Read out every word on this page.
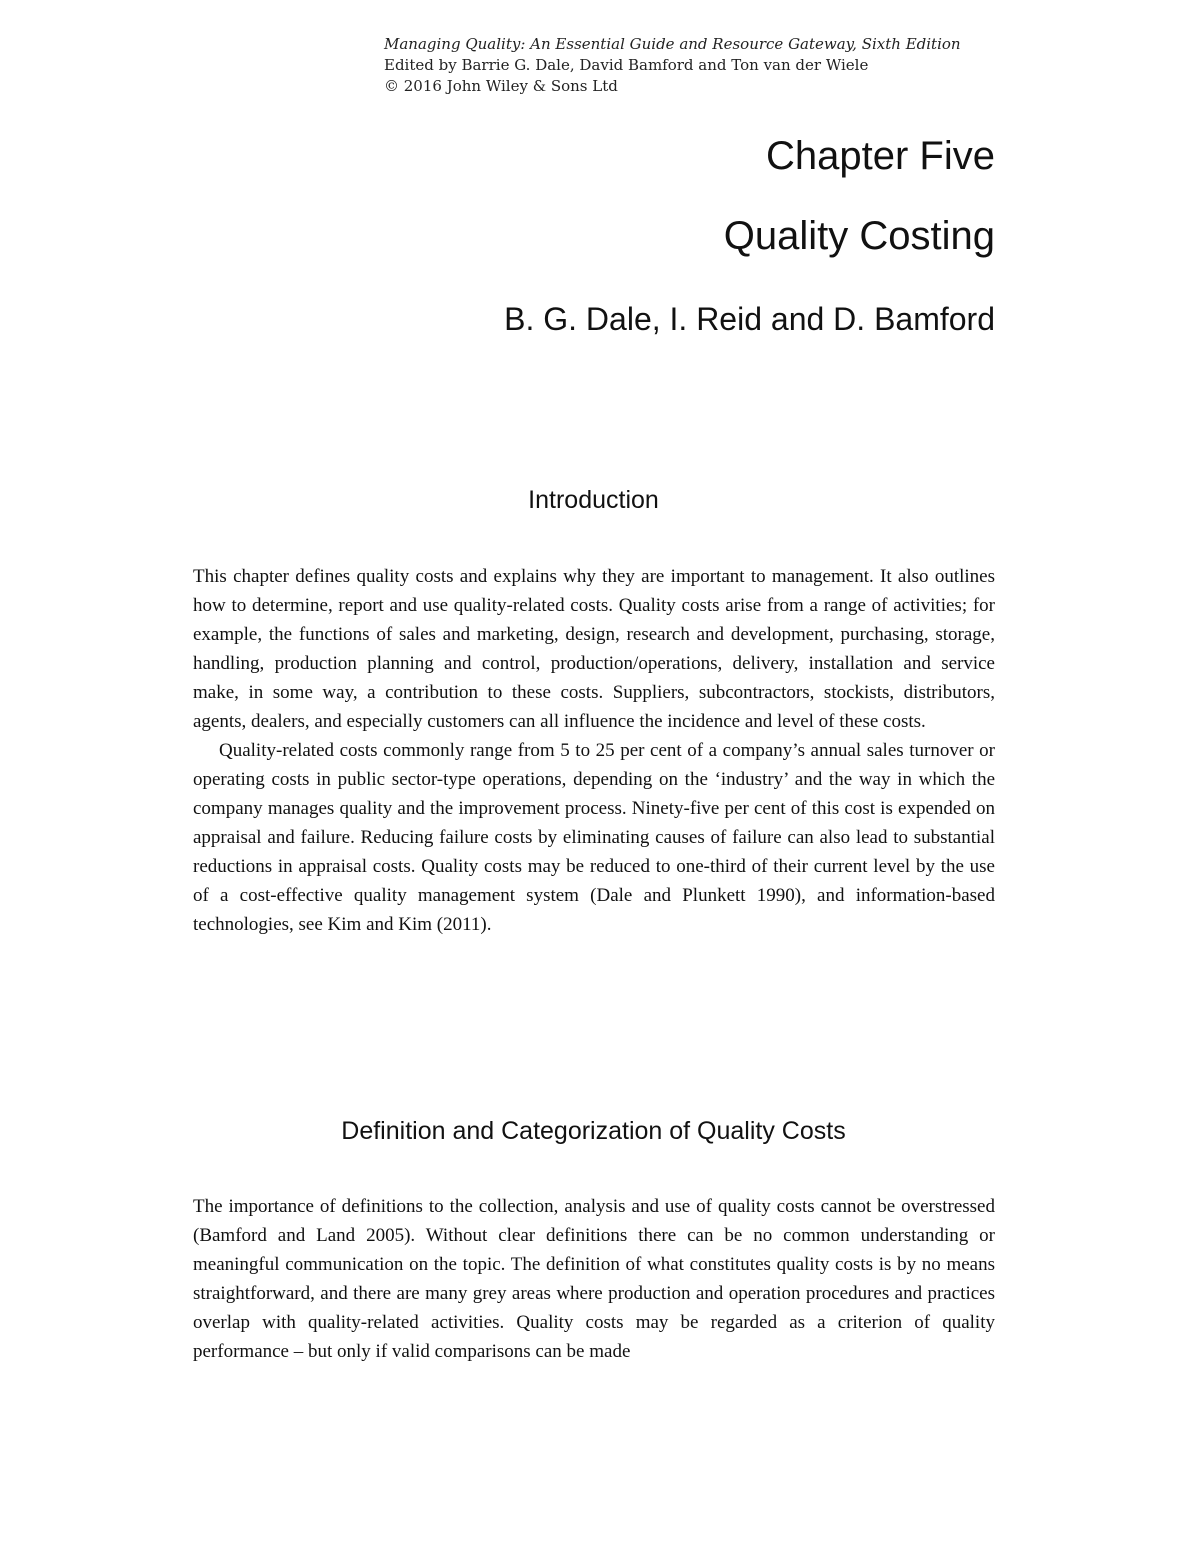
Managing Quality: An Essential Guide and Resource Gateway, Sixth Edition
Edited by Barrie G. Dale, David Bamford and Ton van der Wiele
© 2016 John Wiley & Sons Ltd
Chapter Five
Quality Costing
B. G. Dale, I. Reid and D. Bamford
Introduction

This chapter defines quality costs and explains why they are important to management. It also outlines how to determine, report and use quality-related costs. Quality costs arise from a range of activities; for example, the functions of sales and marketing, design, research and development, purchasing, storage, handling, production planning and control, production/operations, delivery, installation and service make, in some way, a contribution to these costs. Suppliers, subcontractors, stockists, distributors, agents, dealers, and especially customers can all influence the incidence and level of these costs.

Quality-related costs commonly range from 5 to 25 per cent of a company’s annual sales turnover or operating costs in public sector-type operations, depending on the ‘industry’ and the way in which the company manages quality and the improvement process. Ninety-five per cent of this cost is expended on appraisal and failure. Reducing failure costs by eliminating causes of failure can also lead to substantial reductions in appraisal costs. Quality costs may be reduced to one-third of their current level by the use of a cost-effective quality management system (Dale and Plunkett 1990), and information-based technologies, see Kim and Kim (2011).

Definition and Categorization of Quality Costs

The importance of definitions to the collection, analysis and use of quality costs cannot be overstressed (Bamford and Land 2005). Without clear definitions there can be no common understanding or meaningful communication on the topic. The definition of what constitutes quality costs is by no means straightforward, and there are many grey areas where production and operation procedures and practices overlap with quality-related activities. Quality costs may be regarded as a criterion of quality performance – but only if valid comparisons can be made
